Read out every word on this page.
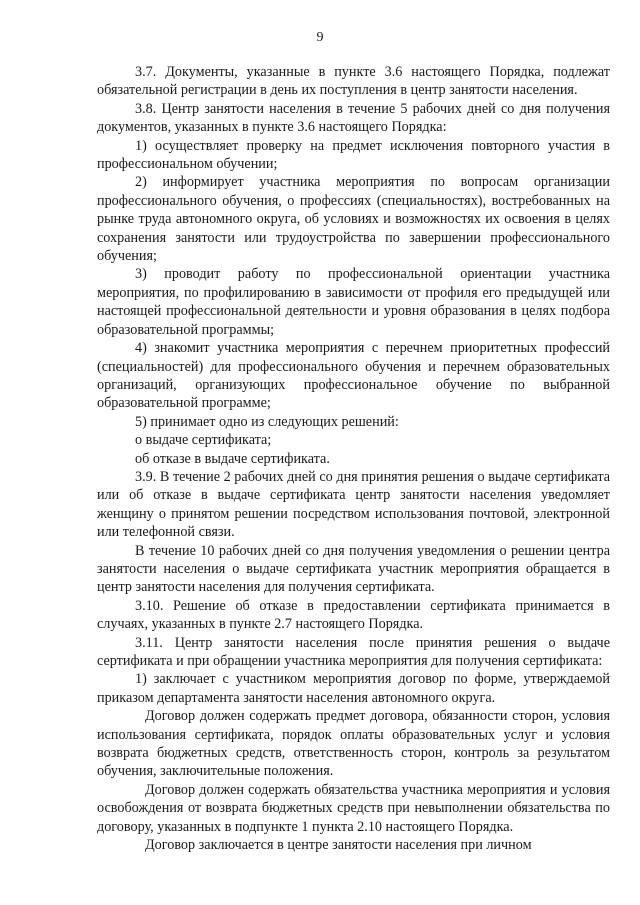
9

3.7. Документы, указанные в пункте 3.6 настоящего Порядка, подлежат обязательной регистрации в день их поступления в центр занятости населения.

3.8. Центр занятости населения в течение 5 рабочих дней со дня получения документов, указанных в пункте 3.6 настоящего Порядка:

1) осуществляет проверку на предмет исключения повторного участия в профессиональном обучении;

2) информирует участника мероприятия по вопросам организации профессионального обучения, о профессиях (специальностях), востребованных на рынке труда автономного округа, об условиях и возможностях их освоения в целях сохранения занятости или трудоустройства по завершении профессионального обучения;

3) проводит работу по профессиональной ориентации участника мероприятия, по профилированию в зависимости от профиля его предыдущей или настоящей профессиональной деятельности и уровня образования в целях подбора образовательной программы;

4) знакомит участника мероприятия с перечнем приоритетных профессий (специальностей) для профессионального обучения и перечнем образовательных организаций, организующих профессиональное обучение по выбранной образовательной программе;

5) принимает одно из следующих решений:

о выдаче сертификата;

об отказе в выдаче сертификата.

3.9. В течение 2 рабочих дней со дня принятия решения о выдаче сертификата или об отказе в выдаче сертификата центр занятости населения уведомляет женщину о принятом решении посредством использования почтовой, электронной или телефонной связи.

В течение 10 рабочих дней со дня получения уведомления о решении центра занятости населения о выдаче сертификата участник мероприятия обращается в центр занятости населения для получения сертификата.

3.10. Решение об отказе в предоставлении сертификата принимается в случаях, указанных в пункте 2.7 настоящего Порядка.

3.11. Центр занятости населения после принятия решения о выдаче сертификата и при обращении участника мероприятия для получения сертификата:

1) заключает с участником мероприятия договор по форме, утверждаемой приказом департамента занятости населения автономного округа.

Договор должен содержать предмет договора, обязанности сторон, условия использования сертификата, порядок оплаты образовательных услуг и условия возврата бюджетных средств, ответственность сторон, контроль за результатом обучения, заключительные положения.

Договор должен содержать обязательства участника мероприятия и условия освобождения от возврата бюджетных средств при невыполнении обязательства по договору, указанных в подпункте 1 пункта 2.10 настоящего Порядка.

Договор заключается в центре занятости населения при личном
